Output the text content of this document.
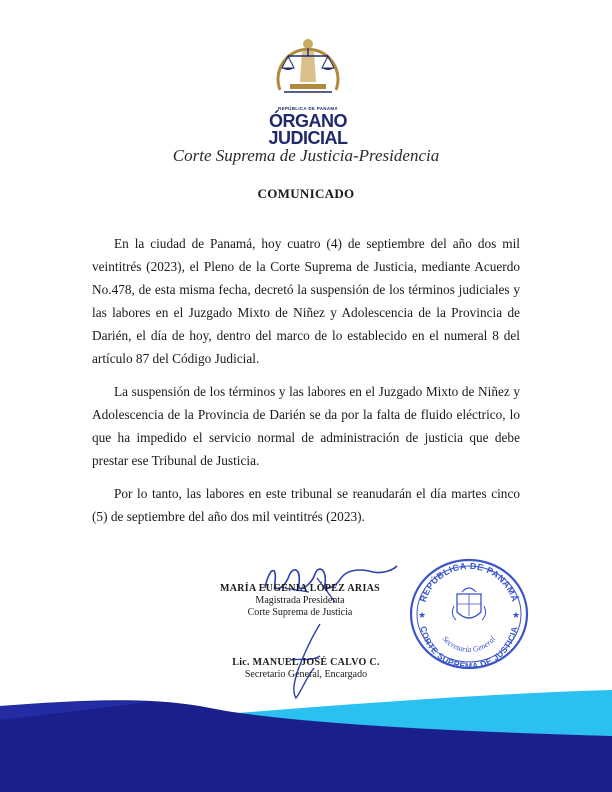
REPÚBLICA DE PANAMÁ
ÓRGANO
JUDICIAL
Corte Suprema de Justicia-Presidencia
COMUNICADO

En la ciudad de Panamá, hoy cuatro (4) de septiembre del año dos mil veintitrés (2023), el Pleno de la Corte Suprema de Justicia, mediante Acuerdo No.478, de esta misma fecha, decretó la suspensión de los términos judiciales y las labores en el Juzgado Mixto de Niñez y Adolescencia de la Provincia de Darién, el día de hoy, dentro del marco de lo establecido en el numeral 8 del artículo 87 del Código Judicial.

La suspensión de los términos y las labores en el Juzgado Mixto de Niñez y Adolescencia de la Provincia de Darién se da por la falta de fluido eléctrico, lo que ha impedido el servicio normal de administración de justicia que debe prestar ese Tribunal de Justicia.

Por lo tanto, las labores en este tribunal se reanudarán el día martes cinco (5) de septiembre del año dos mil veintitrés (2023).

MARÍA EUGENIA LÓPEZ ARIAS
Magistrada Presidenta
Corte Suprema de Justicia
Lic. MANUEL JOSÉ CALVO C.
Secretario General, Encargado
REPÚBLICA DE PANAMÁ
CORTE SUPREMA DE JUSTICIA
Secretaría General
★	★
